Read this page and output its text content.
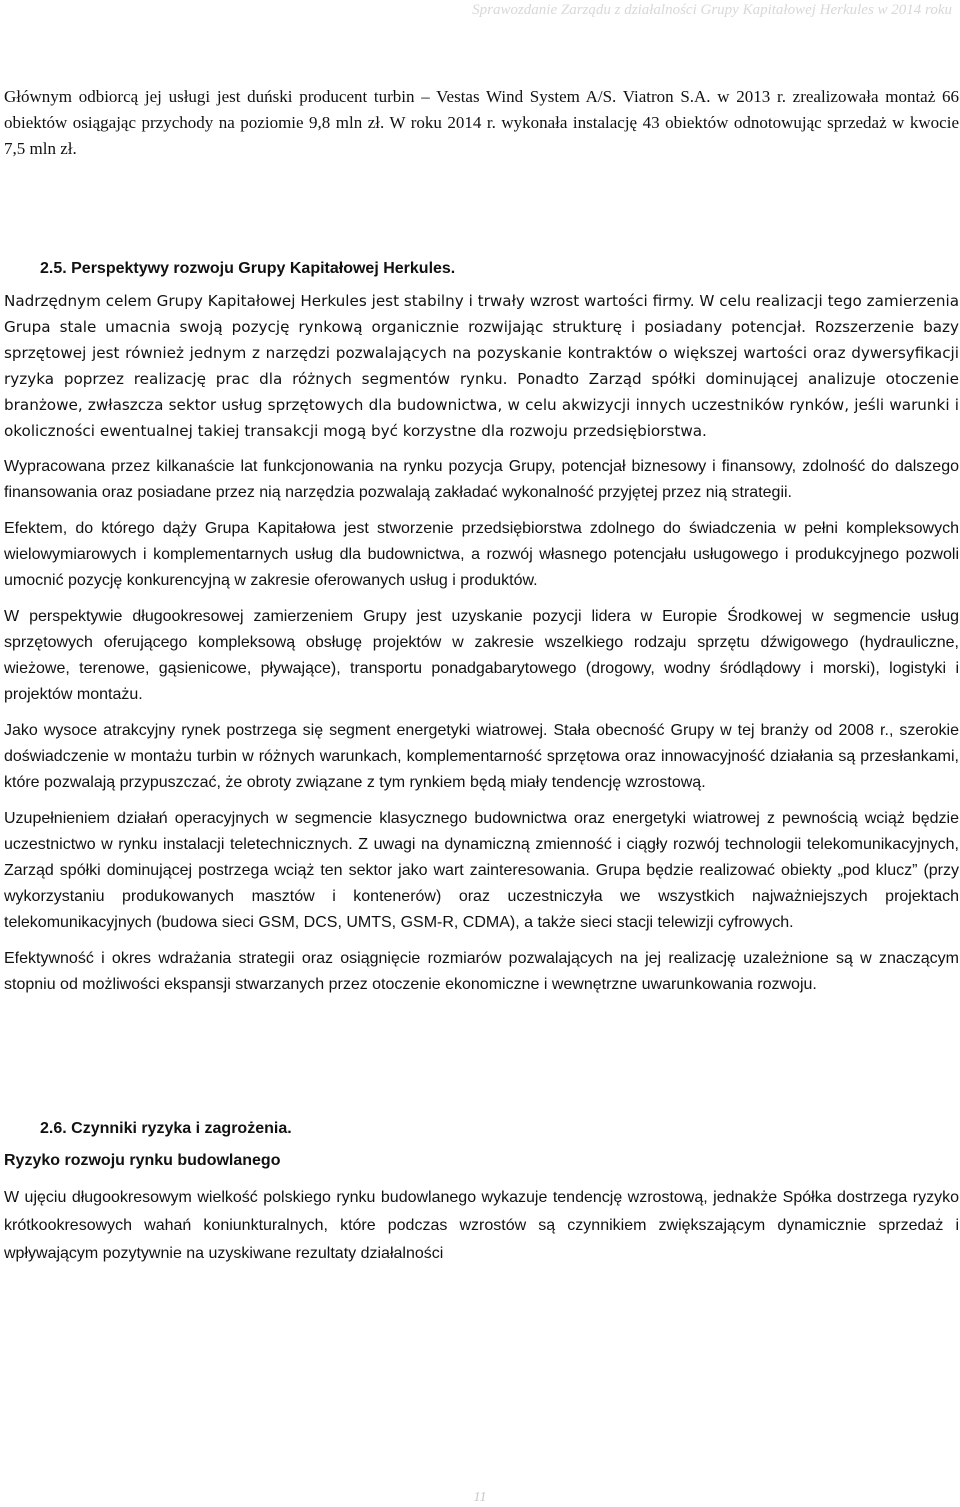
Sprawozdanie Zarządu z działalności Grupy Kapitałowej Herkules w 2014 roku

Głównym odbiorcą jej usługi jest duński producent turbin – Vestas Wind System A/S. Viatron S.A. w 2013 r. zrealizowała montaż 66 obiektów osiągając przychody na poziomie 9,8 mln zł. W roku 2014 r. wykonała instalację 43 obiektów odnotowując sprzedaż w kwocie 7,5 mln zł.

2.5. Perspektywy rozwoju Grupy Kapitałowej Herkules.

Nadrzędnym celem Grupy Kapitałowej Herkules jest stabilny i trwały wzrost wartości firmy. W celu realizacji tego zamierzenia Grupa stale umacnia swoją pozycję rynkową organicznie rozwijając strukturę i posiadany potencjał. Rozszerzenie bazy sprzętowej jest również jednym z narzędzi pozwalających na pozyskanie kontraktów o większej wartości oraz dywersyfikacji ryzyka poprzez realizację prac dla różnych segmentów rynku. Ponadto Zarząd spółki dominującej analizuje otoczenie branżowe, zwłaszcza sektor usług sprzętowych dla budownictwa, w celu akwizycji innych uczestników rynków, jeśli warunki i okoliczności ewentualnej takiej transakcji mogą być korzystne dla rozwoju przedsiębiorstwa.

Wypracowana przez kilkanaście lat funkcjonowania na rynku pozycja Grupy, potencjał biznesowy i finansowy, zdolność do dalszego finansowania oraz posiadane przez nią narzędzia pozwalają zakładać wykonalność przyjętej przez nią strategii.

Efektem, do którego dąży Grupa Kapitałowa jest stworzenie przedsiębiorstwa zdolnego do świadczenia w pełni kompleksowych wielowymiarowych i komplementarnych usług dla budownictwa, a rozwój własnego potencjału usługowego i produkcyjnego pozwoli umocnić pozycję konkurencyjną w zakresie oferowanych usług i produktów.

W perspektywie długookresowej zamierzeniem Grupy jest uzyskanie pozycji lidera w Europie Środkowej w segmencie usług sprzętowych oferującego kompleksową obsługę projektów w zakresie wszelkiego rodzaju sprzętu dźwigowego (hydrauliczne, wieżowe, terenowe, gąsienicowe, pływające), transportu ponadgabarytowego (drogowy, wodny śródlądowy i morski), logistyki i projektów montażu.

Jako wysoce atrakcyjny rynek postrzega się segment energetyki wiatrowej. Stała obecność Grupy w tej branży od 2008 r., szerokie doświadczenie w montażu turbin w różnych warunkach, komplementarność sprzętowa oraz innowacyjność działania są przesłankami, które pozwalają przypuszczać, że obroty związane z tym rynkiem będą miały tendencję wzrostową.

Uzupełnieniem działań operacyjnych w segmencie klasycznego budownictwa oraz energetyki wiatrowej z pewnością wciąż będzie uczestnictwo w rynku instalacji teletechnicznych. Z uwagi na dynamiczną zmienność i ciągły rozwój technologii telekomunikacyjnych, Zarząd spółki dominującej postrzega wciąż ten sektor jako wart zainteresowania. Grupa będzie realizować obiekty „pod klucz” (przy wykorzystaniu produkowanych masztów i kontenerów) oraz uczestniczyła we wszystkich najważniejszych projektach telekomunikacyjnych (budowa sieci GSM, DCS, UMTS, GSM-R, CDMA), a także sieci stacji telewizji cyfrowych.

Efektywność i okres wdrażania strategii oraz osiągnięcie rozmiarów pozwalających na jej realizację uzależnione są w znaczącym stopniu od możliwości ekspansji stwarzanych przez otoczenie ekonomiczne i wewnętrzne uwarunkowania rozwoju.

2.6. Czynniki ryzyka i zagrożenia.

Ryzyko rozwoju rynku budowlanego

W ujęciu długookresowym wielkość polskiego rynku budowlanego wykazuje tendencję wzrostową, jednakże Spółka dostrzega ryzyko krótkookresowych wahań koniunkturalnych, które podczas wzrostów są czynnikiem zwiększającym dynamicznie sprzedaż i wpływającym pozytywnie na uzyskiwane rezultaty działalności

11
